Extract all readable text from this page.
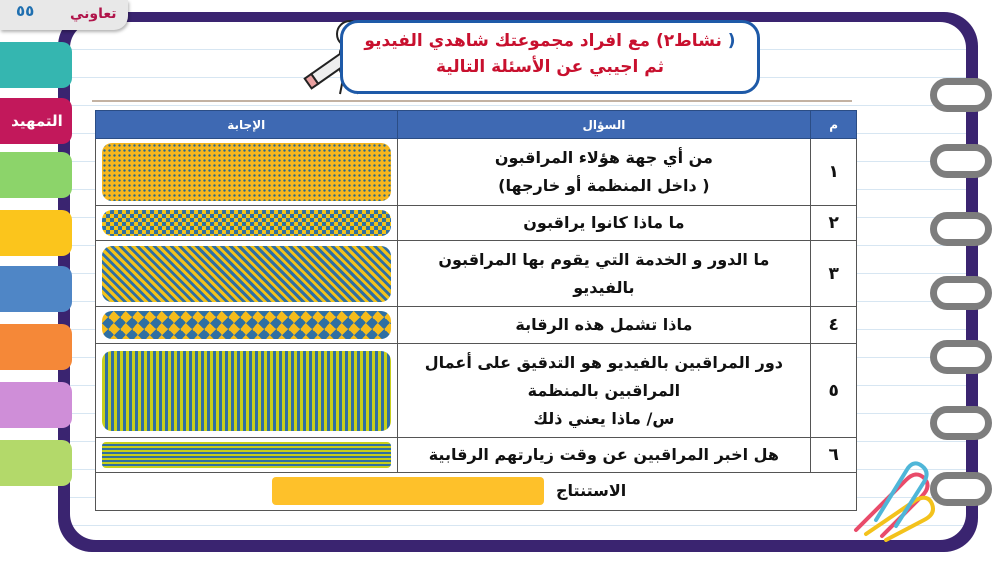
التمهيد
٥٥	تعاوني
( نشاط٢) مع افراد مجموعتك شاهدي الفيديو
ثم اجيبي عن الأسئلة التالية
م	السؤال	الإجابة
١	من أي جهة هؤلاء المراقبون
( داخل المنظمة أو خارجها)	

٢	ما ماذا كانوا يراقبون	

٣	ما الدور و الخدمة التي يقوم بها المراقبون
بالفيديو	

٤	ماذا تشمل هذه الرقابة	

٥	دور المراقبين بالفيديو هو التدقيق على أعمال
المراقبين بالمنظمة
س/ ماذا يعني ذلك	

٦	هل اخبر المراقبين عن وقت زيارتهم الرقابية	

الاستنتاج		
